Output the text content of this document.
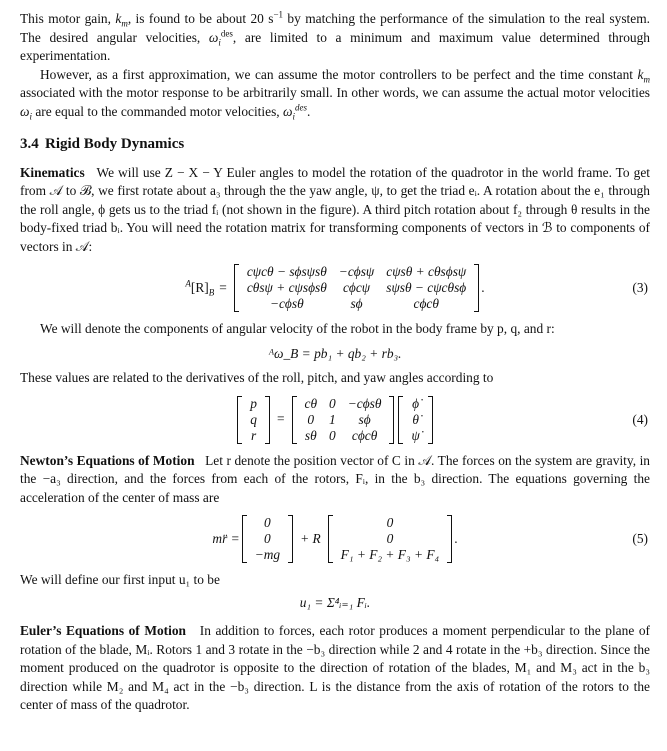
This motor gain, $k_m$, is found to be about 20 $s^{-1}$ by matching the performance of the simulation to the real system. The desired angular velocities, $\omega_i^{des}$, are limited to a minimum and maximum value determined through experimentation.

However, as a first approximation, we can assume the motor controllers to be perfect and the time constant $k_m$ associated with the motor response to be arbitrarily small. In other words, we can assume the actual motor velocities $\omega_i$ are equal to the commanded motor velocities, $\omega_i^{des}$.

3.4 Rigid Body Dynamics

Kinematics We will use Z − X − Y Euler angles to model the rotation of the quadrotor in the world frame. To get from 𝒜 to ℬ, we first rotate about a₃ through the the yaw angle, ψ, to get the triad eᵢ. A rotation about the e₁ through the roll angle, ϕ gets us to the triad fᵢ (not shown in the figure). A third pitch rotation about f₂ through θ results in the body-fixed triad bᵢ. You will need the rotation matrix for transforming components of vectors in ℬ to components of vectors in 𝒜:

$^A[R]_B$ =
cψcθ − sϕsψsθ	−cϕsψ	cψsθ + cθsϕsψ
cθsψ + cψsϕsθ	cϕcψ	sψsθ − cψcθsϕ
−cϕsθ	sϕ	cϕcθ
.	(3)

We will denote the components of angular velocity of the robot in the body frame by p, q, and r:

ᴬω_B = pb₁ + qb₂ + rb₃.

These values are related to the derivatives of the roll, pitch, and yaw angles according to

p
q
r
=
cθ	0	−cϕsθ
0	1	sϕ
sθ	0	cϕcθ
ϕ̇
θ̇
ψ̇
(4)

Newton’s Equations of Motion Let r denote the position vector of C in 𝒜. The forces on the system are gravity, in the −a₃ direction, and the forces from each of the rotors, Fᵢ, in the b₃ direction. The equations governing the acceleration of the center of mass are

mr̈ =
0
0
−mg
+ R
0
0
F₁ + F₂ + F₃ + F₄
.	(5)

We will define our first input u₁ to be

u₁ = Σ⁴ᵢ₌₁ Fᵢ.

Euler’s Equations of Motion In addition to forces, each rotor produces a moment perpendicular to the plane of rotation of the blade, Mᵢ. Rotors 1 and 3 rotate in the −b₃ direction while 2 and 4 rotate in the +b₃ direction. Since the moment produced on the quadrotor is opposite to the direction of rotation of the blades, M₁ and M₃ act in the b₃ direction while M₂ and M₄ act in the −b₃ direction. L is the distance from the axis of rotation of the rotors to the center of mass of the quadrotor.
